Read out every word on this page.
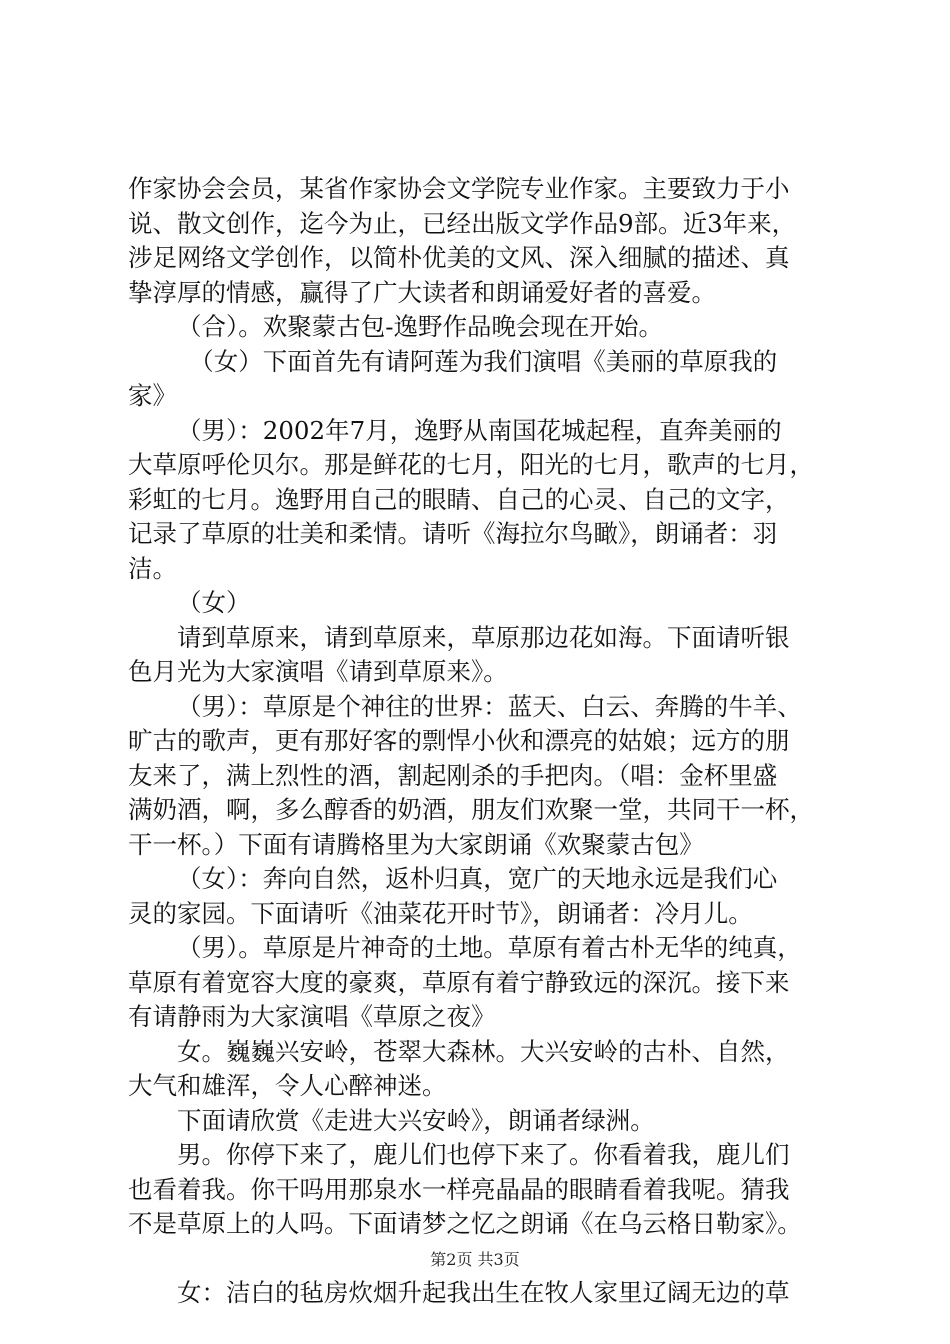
作家协会会员，某省作家协会文学院专业作家。主要致力于小
说、散文创作，迄今为止，已经出版文学作品9部。近3年来，
涉足网络文学创作，以简朴优美的文风、深入细腻的描述、真
挚淳厚的情感，赢得了广大读者和朗诵爱好者的喜爱。
（合）。欢聚蒙古包-逸野作品晚会现在开始。
（女）下面首先有请阿莲为我们演唱《美丽的草原我的
家》
（男）：2002年7月，逸野从南国花城起程，直奔美丽的
大草原呼伦贝尔。那是鲜花的七月，阳光的七月，歌声的七月，
彩虹的七月。逸野用自己的眼睛、自己的心灵、自己的文字，
记录了草原的壮美和柔情。请听《海拉尔鸟瞰》，朗诵者：羽
洁。
（女）
请到草原来，请到草原来，草原那边花如海。下面请听银
色月光为大家演唱《请到草原来》。
（男）：草原是个神往的世界：蓝天、白云、奔腾的牛羊、
旷古的歌声，更有那好客的剽悍小伙和漂亮的姑娘；远方的朋
友来了，满上烈性的酒，割起刚杀的手把肉。（唱：金杯里盛
满奶酒，啊，多么醇香的奶酒，朋友们欢聚一堂，共同干一杯，
干一杯。）下面有请腾格里为大家朗诵《欢聚蒙古包》
（女）：奔向自然，返朴归真，宽广的天地永远是我们心
灵的家园。下面请听《油菜花开时节》，朗诵者：冷月儿。
（男）。草原是片神奇的土地。草原有着古朴无华的纯真，
草原有着宽容大度的豪爽，草原有着宁静致远的深沉。接下来
有请静雨为大家演唱《草原之夜》
女。巍巍兴安岭，苍翠大森林。大兴安岭的古朴、自然，
大气和雄浑，令人心醉神迷。
下面请欣赏《走进大兴安岭》，朗诵者绿洲。
男。你停下来了，鹿儿们也停下来了。你看着我，鹿儿们
也看着我。你干吗用那泉水一样亮晶晶的眼睛看着我呢。猜我
不是草原上的人吗。下面请梦之忆之朗诵《在乌云格日勒家》。
女：洁白的毡房炊烟升起我出生在牧人家里辽阔无边的草
第2页 共3页
